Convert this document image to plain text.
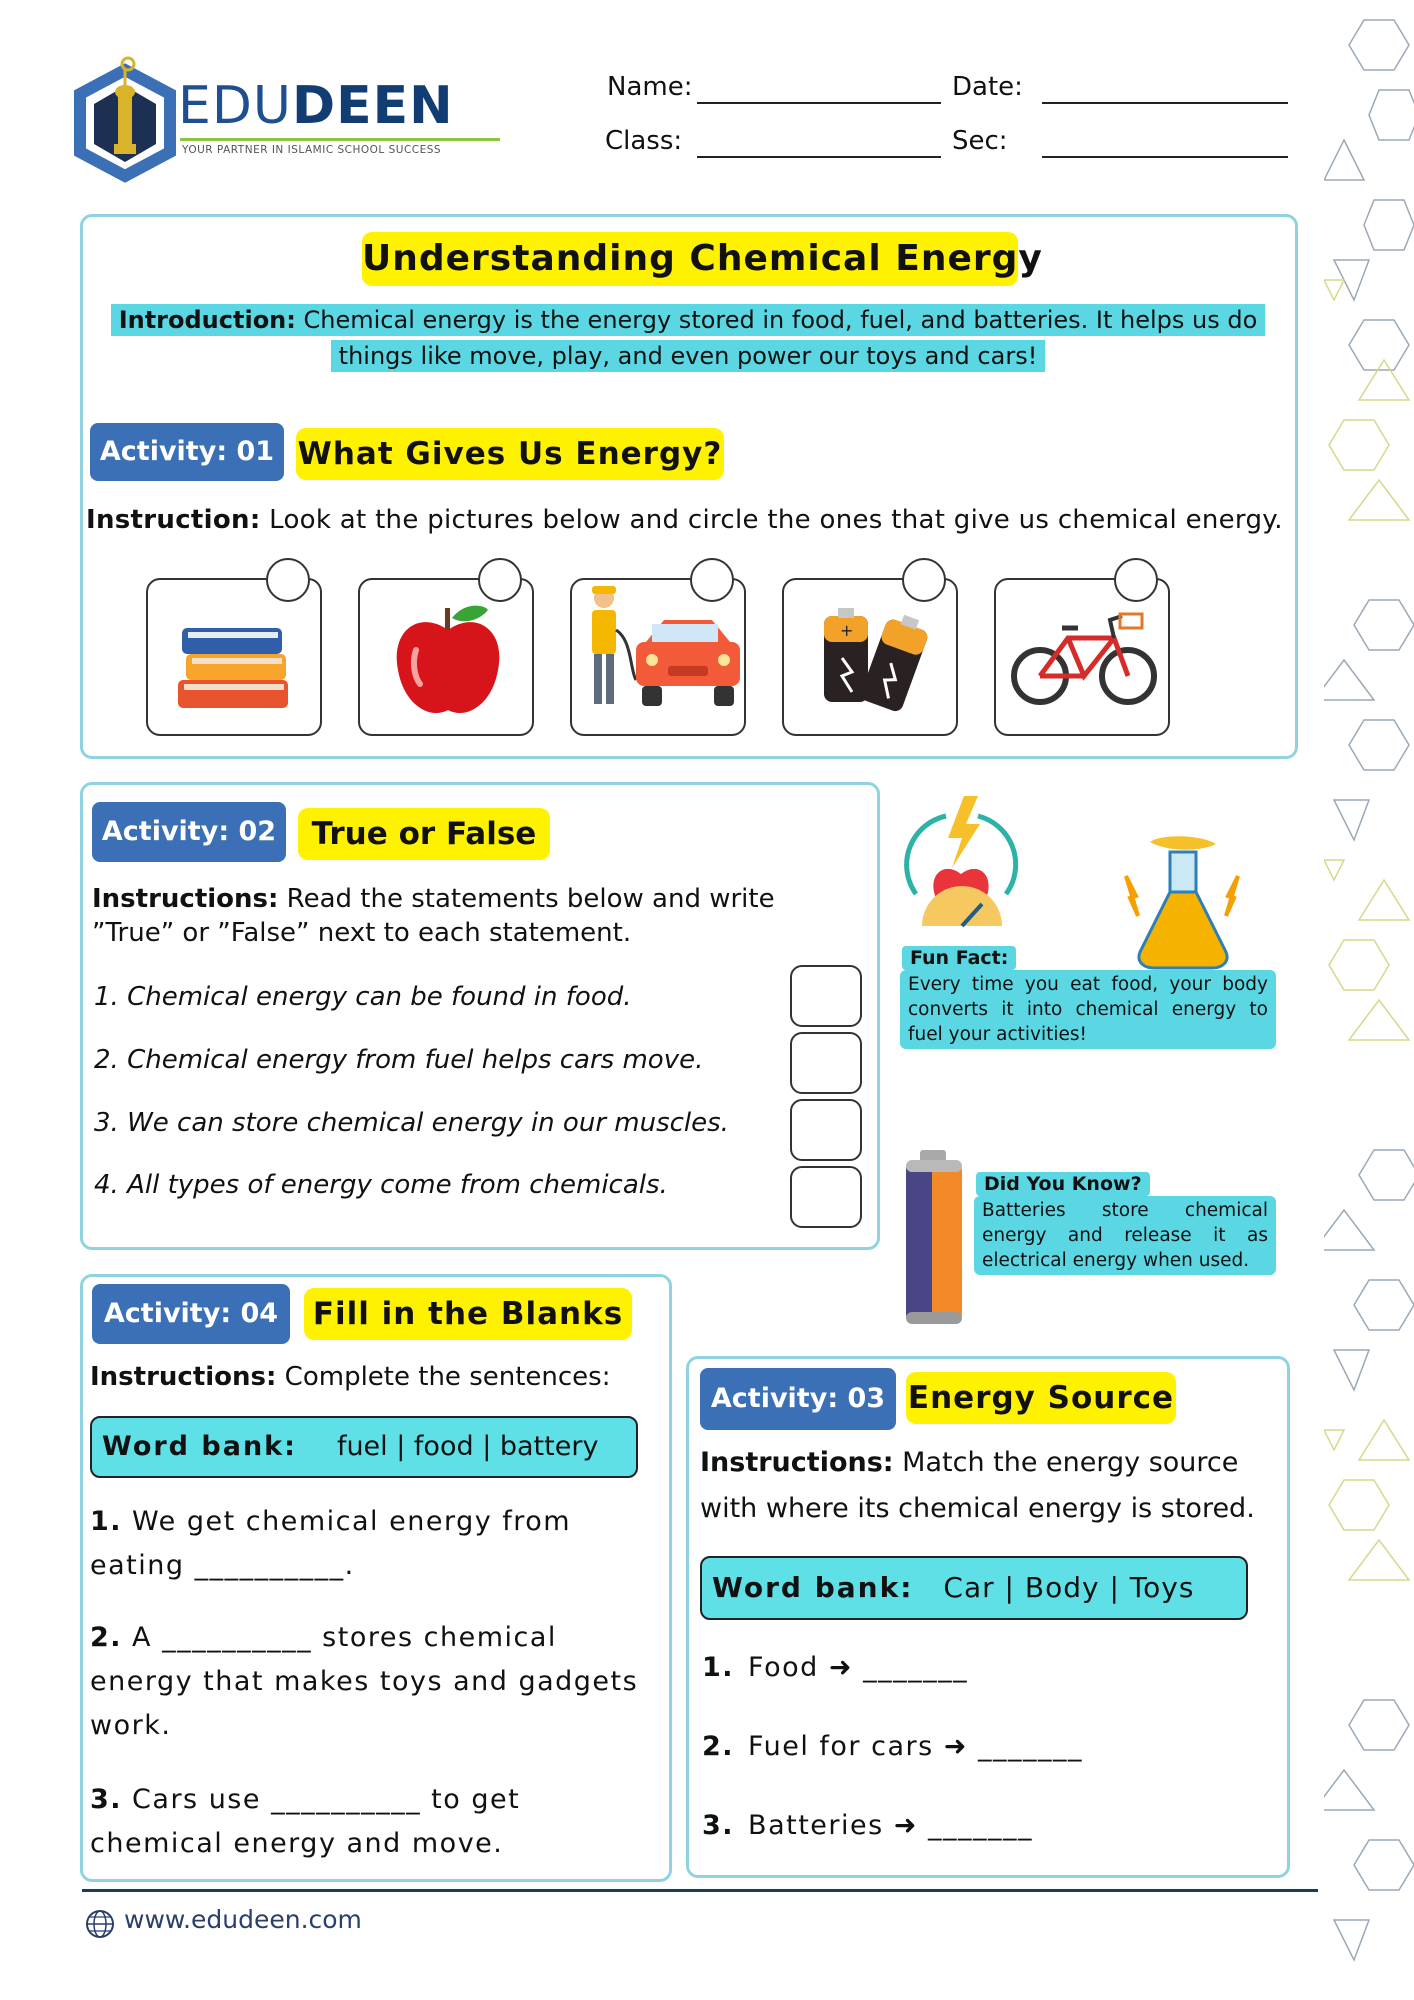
EDUDEEN
YOUR PARTNER IN ISLAMIC SCHOOL SUCCESS
Name:	Date:
Class:	Sec:
Understanding Chemical Energy
Introduction: Chemical energy is the energy stored in food, fuel, and batteries. It helps us do things like move, play, and even power our toys and cars!
Activity: 01 What Gives Us Energy?
Instruction: Look at the pictures below and circle the ones that give us chemical energy.
+
Activity: 02	True or False
Instructions: Read the statements below and write ”True” or ”False” next to each statement.
1. Chemical energy can be found in food.
2. Chemical energy from fuel helps cars move.
3. We can store chemical energy in our muscles.
4. All types of energy come from chemicals.
Fun Fact:
Every time you eat food, your body converts it into chemical energy to fuel your activities!
Did You Know?
Batteries store chemical energy and release it as electrical energy when used.
Activity: 04	Fill in the Blanks
Instructions: Complete the sentences:
Word bank: fuel | food | battery
1. We get chemical energy from eating __________.
2. A __________ stores chemical energy that makes toys and gadgets work.
3. Cars use __________ to get chemical energy and move.
Activity: 03 Energy Source
Instructions: Match the energy source with where its chemical energy is stored.
Word bank: Car | Body | Toys
1. Food ➜ _______
2. Fuel for cars ➜ _______
3. Batteries ➜ _______
www.edudeen.com
